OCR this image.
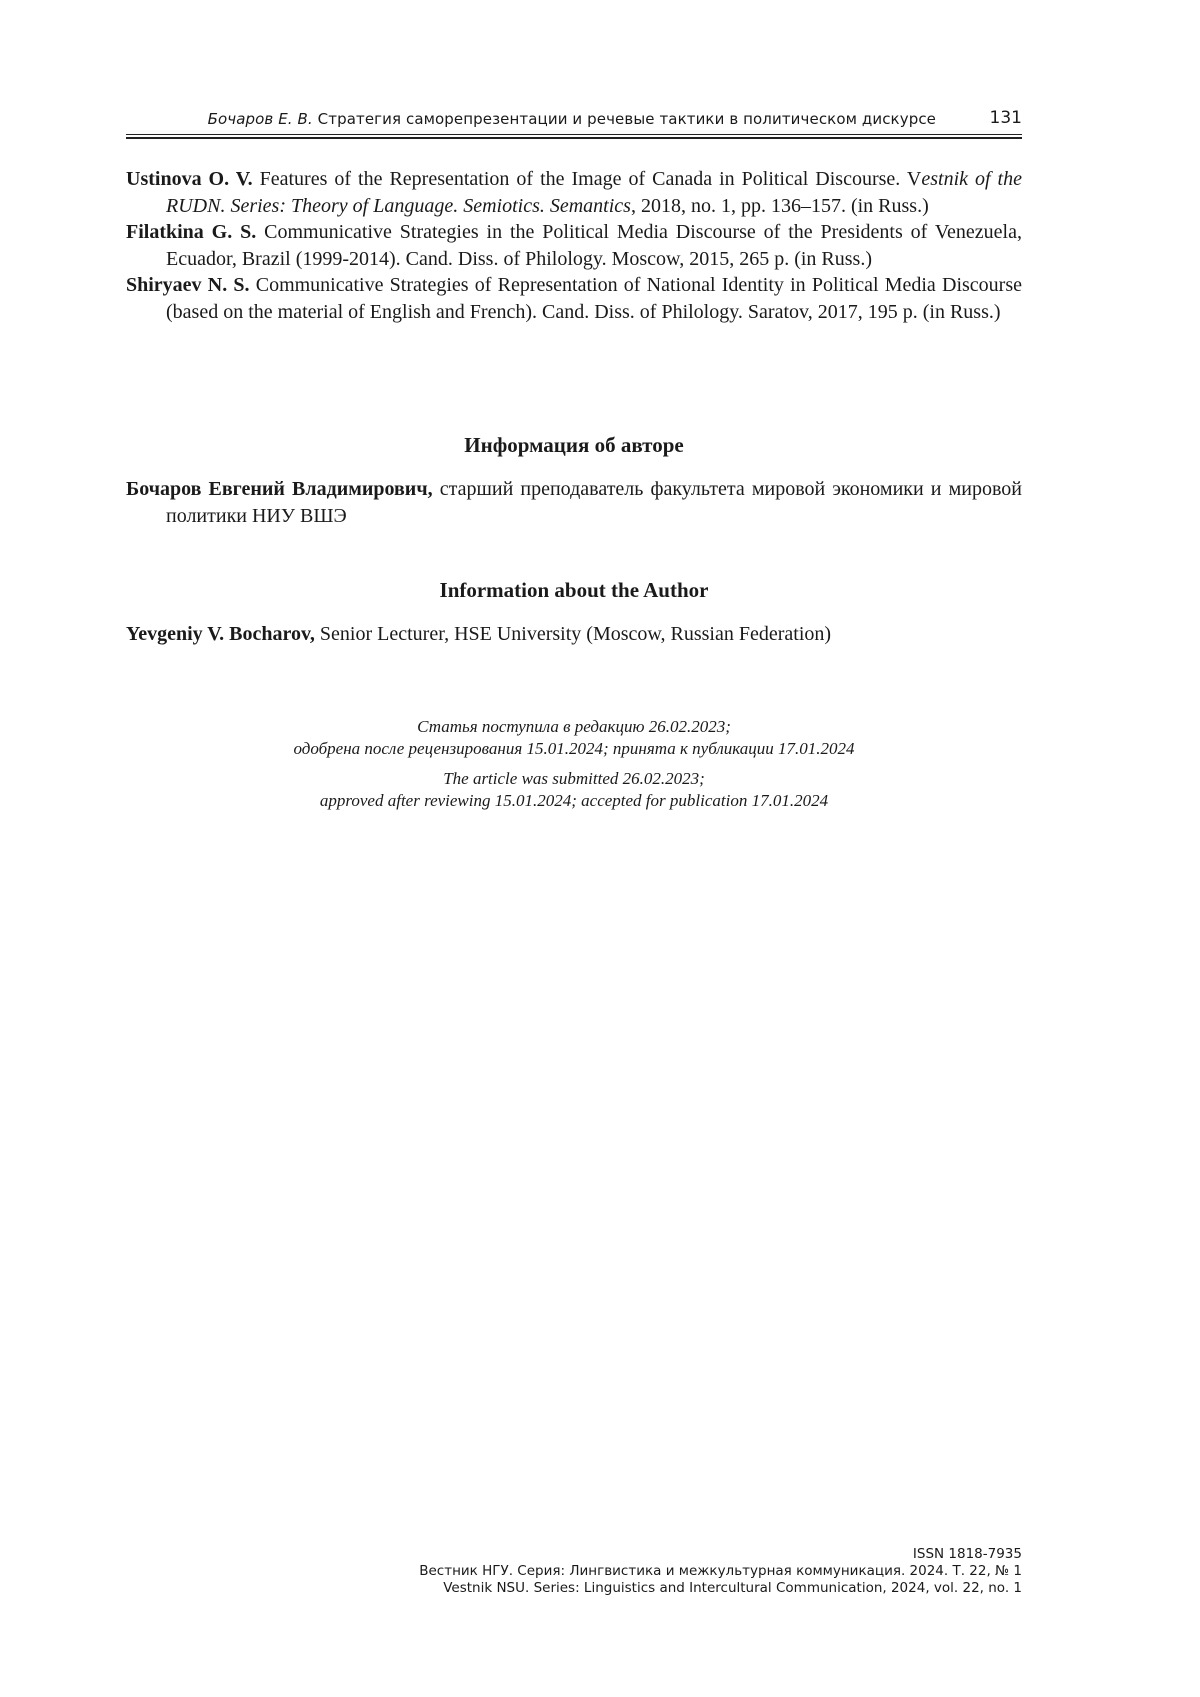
Бочаров Е. В. Стратегия саморепрезентации и речевые тактики в политическом дискурсе	131

Ustinova O. V. Features of the Representation of the Image of Canada in Political Discourse. Vestnik of the RUDN. Series: Theory of Language. Semiotics. Semantics, 2018, no. 1, pp. 136–157. (in Russ.)

Filatkina G. S. Communicative Strategies in the Political Media Discourse of the Presidents of Venezuela, Ecuador, Brazil (1999-2014). Cand. Diss. of Philology. Moscow, 2015, 265 p. (in Russ.)

Shiryaev N. S. Communicative Strategies of Representation of National Identity in Political Media Discourse (based on the material of English and French). Cand. Diss. of Philology. Saratov, 2017, 195 p. (in Russ.)

Информация об авторе

Бочаров Евгений Владимирович, старший преподаватель факультета мировой экономики и мировой политики НИУ ВШЭ

Information about the Author

Yevgeniy V. Bocharov, Senior Lecturer, HSE University (Moscow, Russian Federation)

Статья поступила в редакцию 26.02.2023;
одобрена после рецензирования 15.01.2024; принята к публикации 17.01.2024
The article was submitted 26.02.2023;
approved after reviewing 15.01.2024; accepted for publication 17.01.2024
ISSN 1818-7935
Вестник НГУ. Серия: Лингвистика и межкультурная коммуникация. 2024. Т. 22, № 1
Vestnik NSU. Series: Linguistics and Intercultural Communication, 2024, vol. 22, no. 1
